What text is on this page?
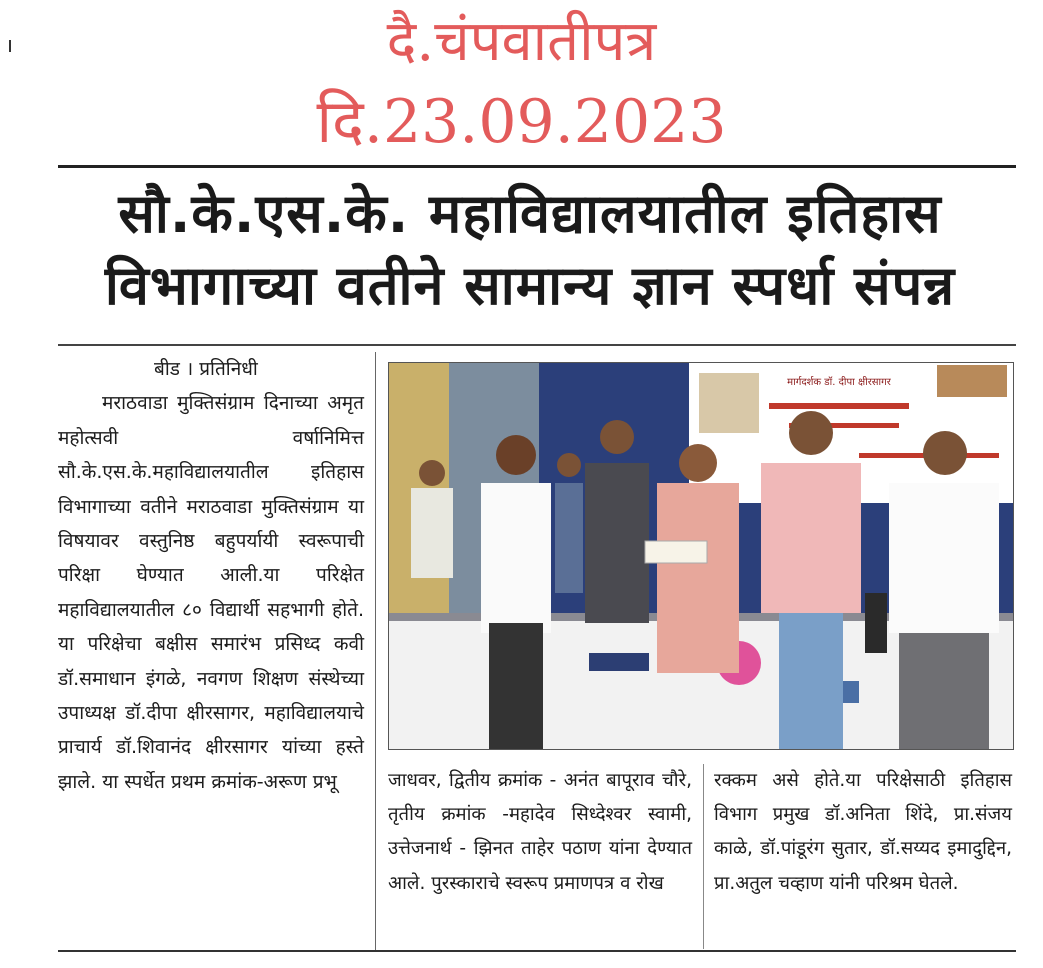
दै.चंपवातीपत्र
दि.23.09.2023
सौ.के.एस.के. महाविद्यालयातील इतिहास
विभागाच्या वतीने सामान्य ज्ञान स्पर्धा संपन्न

बीड । प्रतिनिधी

मराठवाडा मुक्तिसंग्राम दिनाच्या अमृत महोत्सवी वर्षानिमित्त सौ.के.एस.के.महाविद्यालयातील इतिहास विभागाच्या वतीने मराठवाडा मुक्तिसंग्राम या विषयावर वस्तुनिष्ठ बहुपर्यायी स्वरूपाची परिक्षा घेण्यात आली.या परिक्षेत महाविद्यालयातील ८० विद्यार्थी सहभागी होते. या परिक्षेचा बक्षीस समारंभ प्रसिध्द कवी डॉ.समाधान इंगळे, नवगण शिक्षण संस्थेच्या उपाध्यक्ष डॉ.दीपा क्षीरसागर, महाविद्यालयाचे प्राचार्य डॉ.शिवानंद क्षीरसागर यांच्या हस्ते झाले. या स्पर्धेत प्रथम क्रमांक-अरूण प्रभू

मार्गदर्शक डॉ. दीपा क्षीरसागर

जाधवर, द्वितीय क्रमांक - अनंत बापूराव चौरे, तृतीय क्रमांक -महादेव सिध्देश्वर स्वामी, उत्तेजनार्थ - झिनत ताहेर पठाण यांना देण्यात आले. पुरस्काराचे स्वरूप प्रमाणपत्र व रोख

रक्कम असे होते.या परिक्षेसाठी इतिहास विभाग प्रमुख डॉ.अनिता शिंदे, प्रा.संजय काळे, डॉ.पांडूरंग सुतार, डॉ.सय्यद इमादुद्दिन, प्रा.अतुल चव्हाण यांनी परिश्रम घेतले.
